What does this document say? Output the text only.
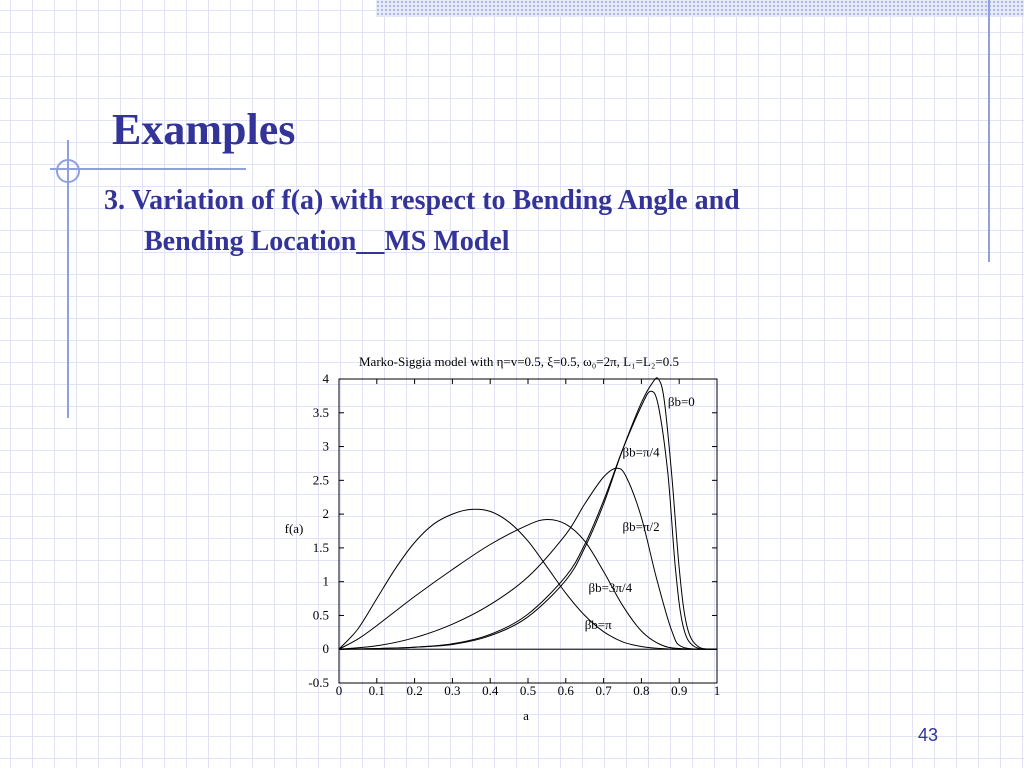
Examples

3. Variation of f(a) with respect to Bending Angle and
Bending Location__MS Model

Marko-Siggia model with η=v=0.5, ξ=0.5, ω₀=2π, L₁=L₂=0.5
0 0.1 0.2 0.3 0.4 0.5 0.6 0.7 0.8 0.9 1
-0.5
0
0.5
1
1.5
2
2.5
3
3.5
4
βb=0
βb=π/4
βb=π/2
βb=3π/4
βb=π
a
f(a)
43
